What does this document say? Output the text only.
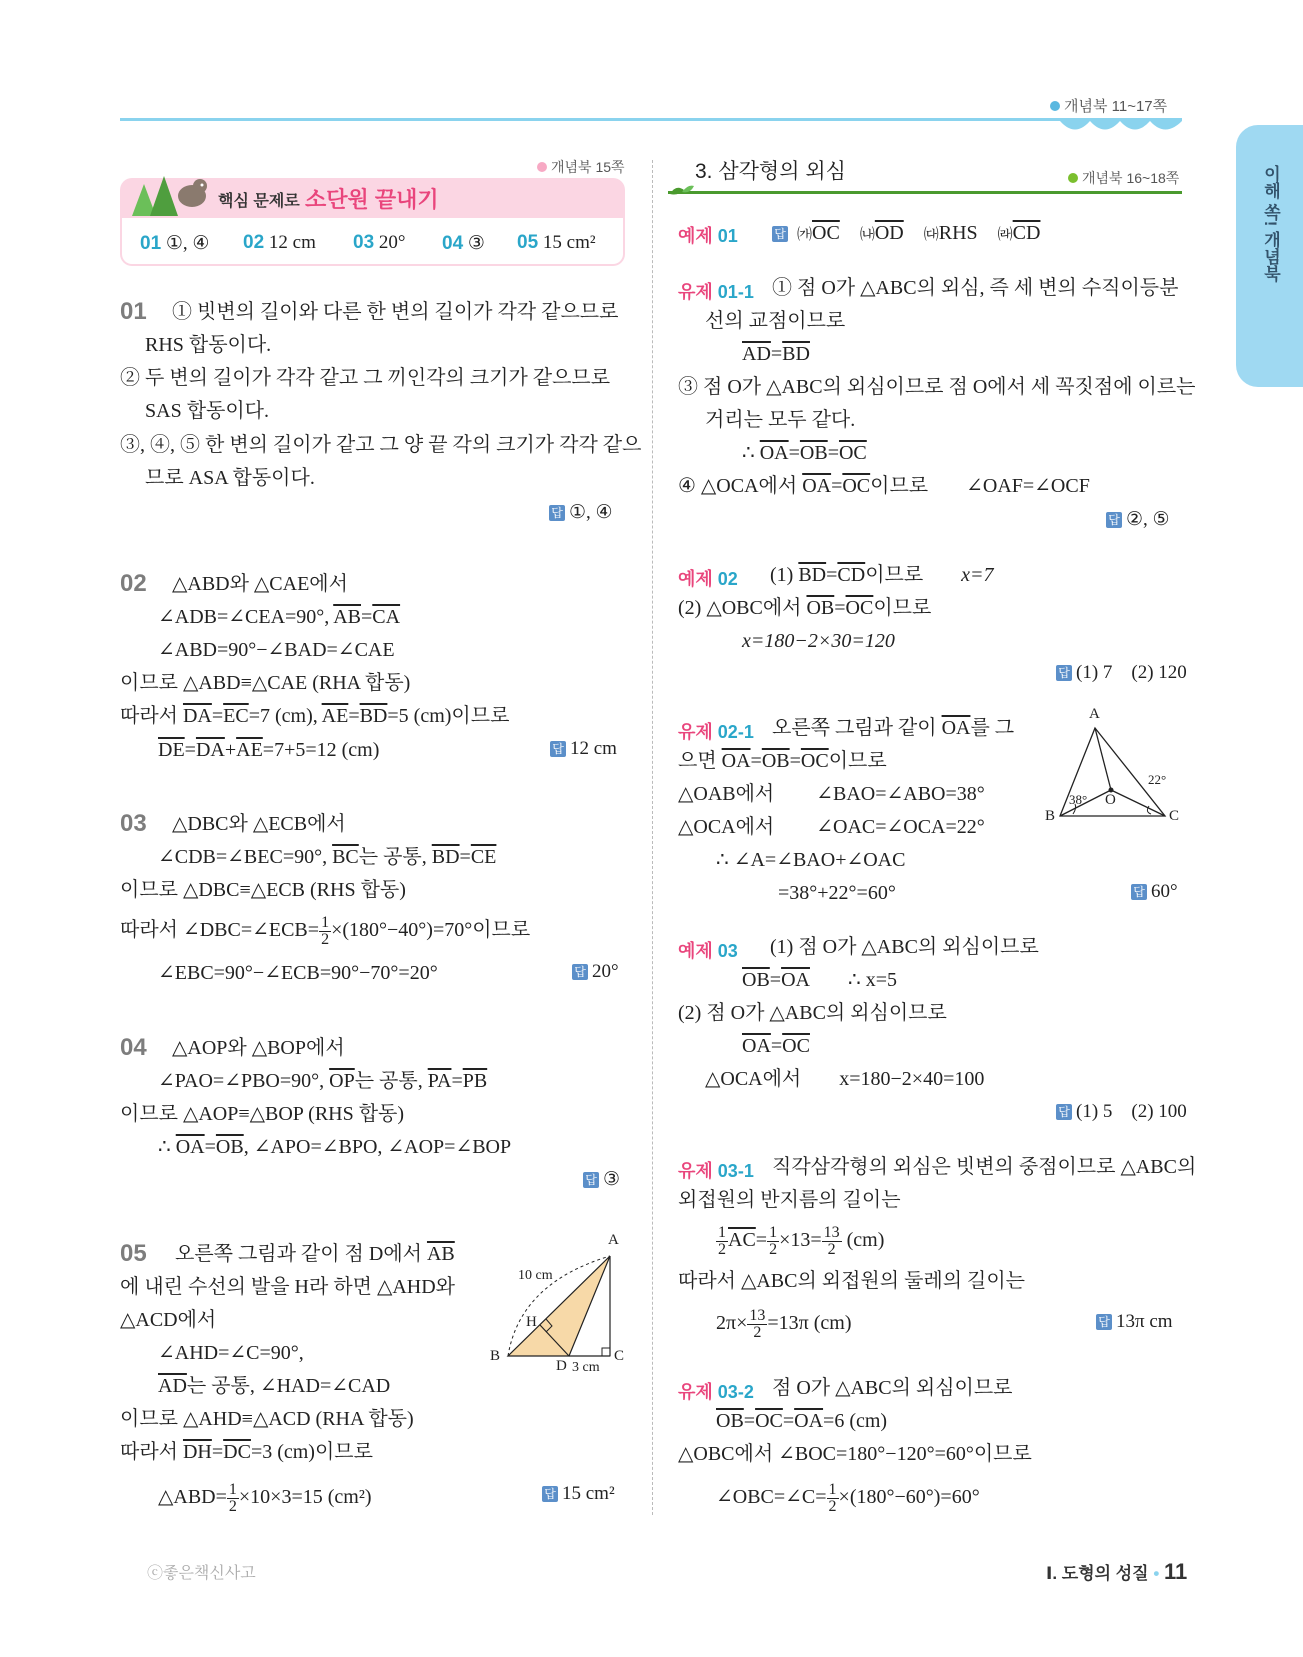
개념북 11~17쪽
이해 쏙! 개념북
개념북 15쪽
핵심 문제로 소단원 끝내기
01 ①, ④ 02 12 cm 03 20° 04 ③ 05 15 cm²
01 ① 빗변의 길이와 다른 한 변의 길이가 각각 같으므로
RHS 합동이다.
② 두 변의 길이가 각각 같고 그 끼인각의 크기가 같으므로
SAS 합동이다.
③, ④, ⑤ 한 변의 길이가 같고 그 양 끝 각의 크기가 각각 같으
므로 ASA 합동이다.
답 ①, ④
02 △ABD와 △CAE에서
∠ADB=∠CEA=90°, $\overline{AB}=\overline{CA}$
∠ABD=90°−∠BAD=∠CAE
이므로 △ABD≡△CAE (RHA 합동)
따라서 $\overline{DA}=\overline{EC}=7$ (cm), $\overline{AE}=\overline{BD}=5$ (cm)이므로
$\overline{DE}=\overline{DA}+\overline{AE}=7+5=12$ (cm)	답 12 cm
03 △DBC와 △ECB에서
∠CDB=∠BEC=90°, $\overline{BC}$는 공통, $\overline{BD}=\overline{CE}$
이므로 △DBC≡△ECB (RHS 합동)
따라서 ∠DBC=∠ECB= $\frac{1}{2} \times(180^\circ-40^\circ)=70^\circ$이므로
∠EBC=90°−∠ECB=90°−70°=20°	답 20°
04 △AOP와 △BOP에서
∠PAO=∠PBO=90°, $\overline{OP}$는 공통, $\overline{PA}=\overline{PB}$
이므로 △AOP≡△BOP (RHS 합동)
∴ $\overline{OA}=\overline{OB}$, ∠APO=∠BPO, ∠AOP=∠BOP
답 ③
05 오른쪽 그림과 같이 점 D에서 $\overline{AB}$
에 내린 수선의 발을 H라 하면 △AHD와
△ACD에서
∠AHD=∠C=90°,
$\overline{AD}$는 공통, ∠HAD=∠CAD
이므로 △AHD≡△ACD (RHA 합동)
따라서 $\overline{DH}=\overline{DC}=3$ (cm)이므로
△ABD= $\frac{1}{2} \times 10\times 3=15$ (cm²)	답 15 cm²
A
B	C
D
H
10 cm
3 cm
3. 삼각형의 외심	개념북 16~18쪽
예제 01	답 $㈎\overline{OC}$ $㈏\overline{OD}$ ㈐RHS $㈑\overline{CD}$
유제 01-1 ① 점 O가 △ABC의 외심, 즉 세 변의 수직이등분
선의 교점이므로
$\overline{AD}=\overline{BD}$
③ 점 O가 △ABC의 외심이므로 점 O에서 세 꼭짓점에 이르는
거리는 모두 같다.
∴ $\overline{OA}=\overline{OB}=\overline{OC}$
④ △OCA에서 $\overline{OA}=\overline{OC}$이므로 ∠OAF=∠OCF
답 ②, ⑤
예제 02 (1) $\overline{BD}=\overline{CD}$이므로 x=7
(2) △OBC에서 $\overline{OB}=\overline{OC}$이므로
x=180−2×30=120
답 (1) 7    (2) 120
유제 02-1 오른쪽 그림과 같이 $\overline{OA}$를 그
으면 $\overline{OA}=\overline{OB}=\overline{OC}$이므로
△OAB에서 ∠BAO=∠ABO=38°
△OCA에서 ∠OAC=∠OCA=22°
∴ ∠A=∠BAO+∠OAC
=38°+22°=60°	답 60°
A
B	C
O
38°
22°
예제 03 (1) 점 O가 △ABC의 외심이므로
$\overline{OB}=\overline{OA}$ ∴ x=5
(2) 점 O가 △ABC의 외심이므로
$\overline{OA}=\overline{OC}$
△OCA에서 x=180−2×40=100
답 (1) 5    (2) 100
유제 03-1 직각삼각형의 외심은 빗변의 중점이므로 △ABC의
외접원의 반지름의 길이는
$\frac{1}{2} \overline{AC}= \frac{1}{2} \times 13= \frac{13}{2} (cm)$
따라서 △ABC의 외접원의 둘레의 길이는
$2\pi\times \frac{13}{2} =13\pi$ (cm)	답 13π cm
유제 03-2 점 O가 △ABC의 외심이므로
$\overline{OB}=\overline{OC}=\overline{OA}=6$ (cm)
△OBC에서 ∠BOC=180°−120°=60°이므로
∠OBC=∠C= $\frac{1}{2} \times(180^\circ-60^\circ)=60^\circ$
ⓒ좋은책신사고	Ⅰ. 도형의 성질 • 11
